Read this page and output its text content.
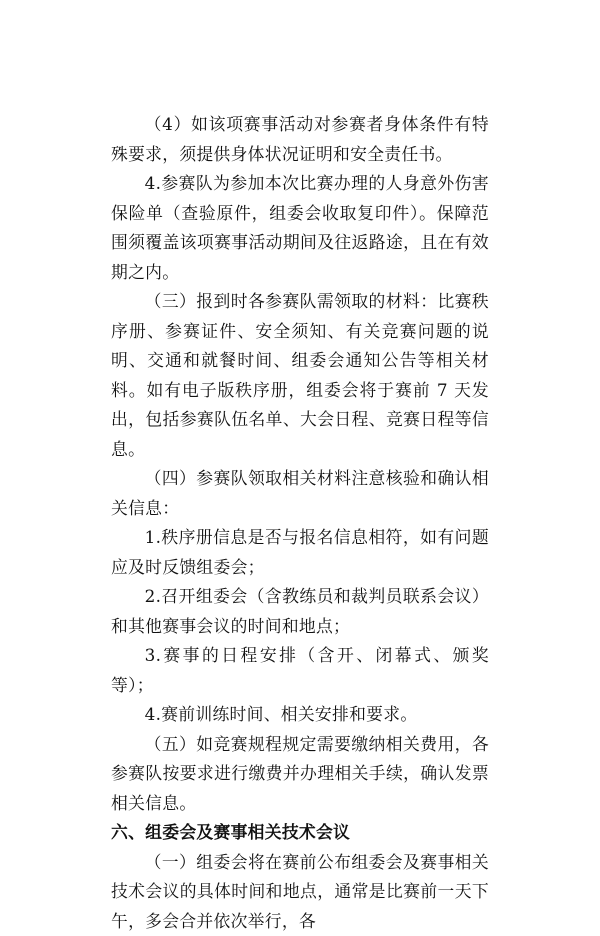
（4）如该项赛事活动对参赛者身体条件有特殊要求，须提供身体状况证明和安全责任书。

4.参赛队为参加本次比赛办理的人身意外伤害保险单（查验原件，组委会收取复印件）。保障范围须覆盖该项赛事活动期间及往返路途，且在有效期之内。

（三）报到时各参赛队需领取的材料：比赛秩序册、参赛证件、安全须知、有关竞赛问题的说明、交通和就餐时间、组委会通知公告等相关材料。如有电子版秩序册，组委会将于赛前 7 天发出，包括参赛队伍名单、大会日程、竞赛日程等信息。

（四）参赛队领取相关材料注意核验和确认相关信息：

1.秩序册信息是否与报名信息相符，如有问题应及时反馈组委会；

2.召开组委会（含教练员和裁判员联系会议）和其他赛事会议的时间和地点；

3.赛事的日程安排（含开、闭幕式、颁奖等）；

4.赛前训练时间、相关安排和要求。

（五）如竞赛规程规定需要缴纳相关费用，各参赛队按要求进行缴费并办理相关手续，确认发票相关信息。

六、组委会及赛事相关技术会议

（一）组委会将在赛前公布组委会及赛事相关技术会议的具体时间和地点，通常是比赛前一天下午，多会合并依次举行，各
